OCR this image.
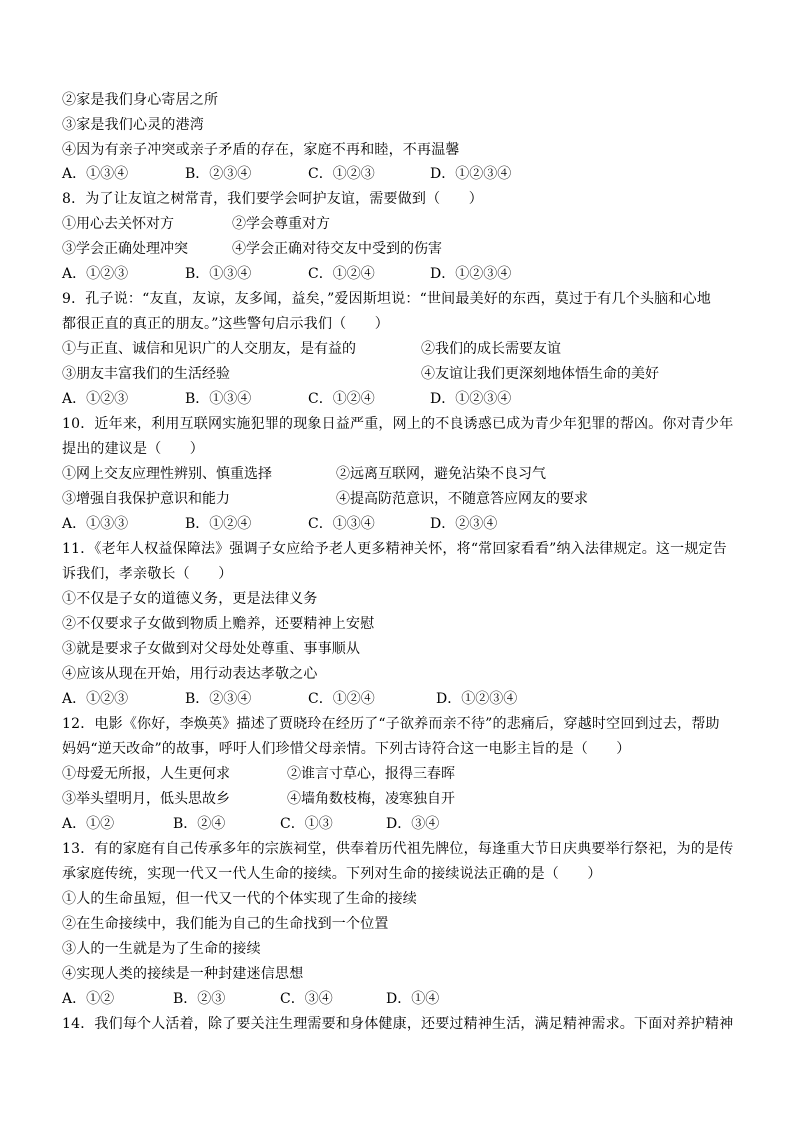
②家是我们身心寄居之所
③家是我们心灵的港湾
④因为有亲子冲突或亲子矛盾的存在，家庭不再和睦，不再温馨
A．①③④	B．②③④	C．①②③	D．①②③④
8．为了让友谊之树常青，我们要学会呵护友谊，需要做到（　　）
①用心去关怀对方	②学会尊重对方
③学会正确处理冲突	④学会正确对待交友中受到的伤害
A．①②③	B．①③④	C．①②④	D．①②③④
9．孔子说：“友直，友谅，友多闻，益矣，”爱因斯坦说：“世间最美好的东西，莫过于有几个头脑和心地
都很正直的真正的朋友。”这些警句启示我们（　　）
①与正直、诚信和见识广的人交朋友，是有益的	②我们的成长需要友谊
③朋友丰富我们的生活经验	④友谊让我们更深刻地体悟生命的美好
A．①②③	B．①③④	C．①②④	D．①②③④
10．近年来，利用互联网实施犯罪的现象日益严重，网上的不良诱惑已成为青少年犯罪的帮凶。你对青少年
提出的建议是（　　）
①网上交友应理性辨别、慎重选择	②远离互联网，避免沾染不良习气
③增强自我保护意识和能力	④提高防范意识，不随意答应网友的要求
A．①③③	B．①②④	C．①③④	D．②③④
11．《老年人权益保障法》强调子女应给予老人更多精神关怀，将“常回家看看”纳入法律规定。这一规定告
诉我们，孝亲敬长（　　）
①不仅是子女的道德义务，更是法律义务
②不仅要求子女做到物质上赡养，还要精神上安慰
③就是要求子女做到对父母处处尊重、事事顺从
④应该从现在开始，用行动表达孝敬之心
A．①②③	B．②③④	C．①②④	D．①②③④
12．电影《你好，李焕英》描述了贾晓玲在经历了“子欲养而亲不待”的悲痛后，穿越时空回到过去，帮助
妈妈“逆天改命”的故事，呼吁人们珍惜父母亲情。下列古诗符合这一电影主旨的是（　　）
①母爱无所报，人生更何求	②谁言寸草心，报得三春晖
③举头望明月，低头思故乡	④墙角数枝梅，凌寒独自开
A．①②	B．②④	C．①③	D．③④
13．有的家庭有自己传承多年的宗族祠堂，供奉着历代祖先牌位，每逢重大节日庆典要举行祭祀，为的是传
承家庭传统，实现一代又一代人生命的接续。下列对生命的接续说法正确的是（　　）
①人的生命虽短，但一代又一代的个体实现了生命的接续
②在生命接续中，我们能为自己的生命找到一个位置
③人的一生就是为了生命的接续
④实现人类的接续是一种封建迷信思想
A．①②	B．②③	C．③④	D．①④
14．我们每个人活着，除了要关注生理需要和身体健康，还要过精神生活，满足精神需求。下面对养护精神
